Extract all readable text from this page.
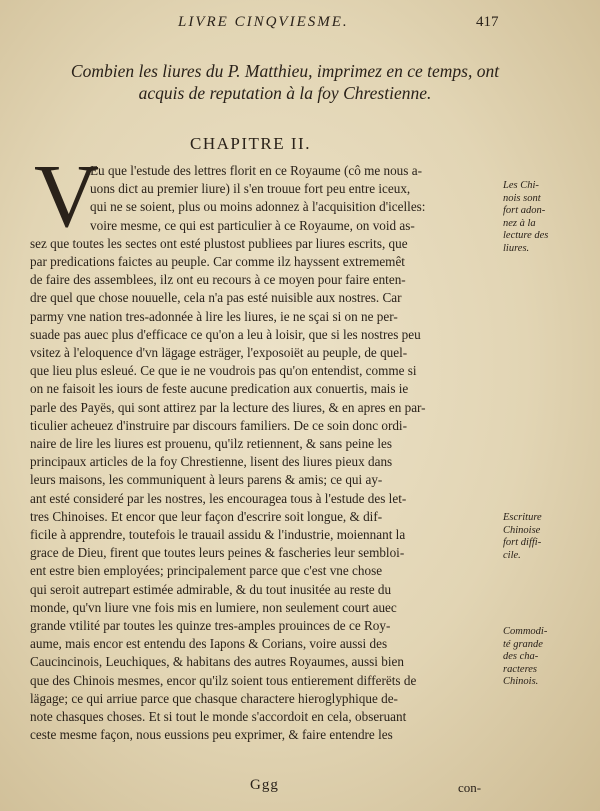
LIVRE CINQVIESME.	417
Combien les liures du P. Matthieu, imprimez en ce temps, ont
acquis de reputation à la foy Chrestienne.
CHAPITRE II.
V
Eu que l'estude des lettres florit en ce Royaume (cô me nous a-
uons dict au premier liure) il s'en trouue fort peu entre iceux,
qui ne se soient, plus ou moins adonnez à l'acquisition d'icelles:
voire mesme, ce qui est particulier à ce Royaume, on void as-
sez que toutes les sectes ont esté plustost publiees par liures escrits, que
par predications faictes au peuple. Car comme ilz hayssent extrememêt
de faire des assemblees, ilz ont eu recours à ce moyen pour faire enten-
dre quel que chose nouuelle, cela n'a pas esté nuisible aux nostres. Car
parmy vne nation tres-adonnée à lire les liures, ie ne sçai si on ne per-
suade pas auec plus d'efficace ce qu'on a leu à loisir, que si les nostres peu
vsitez à l'eloquence d'vn lägage esträger, l'exposoiët au peuple, de quel-
que lieu plus esleué. Ce que ie ne voudrois pas qu'on entendist, comme si
on ne faisoit les iours de feste aucune predication aux conuertis, mais ie
parle des Payës, qui sont attirez par la lecture des liures, & en apres en par-
ticulier acheuez d'instruire par discours familiers. De ce soin donc ordi-
naire de lire les liures est prouenu, qu'ilz retiennent, & sans peine les
principaux articles de la foy Chrestienne, lisent des liures pieux dans
leurs maisons, les communiquent à leurs parens & amis; ce qui ay-
ant esté consideré par les nostres, les encouragea tous à l'estude des let-
tres Chinoises. Et encor que leur façon d'escrire soit longue, & dif-
ficile à apprendre, toutefois le trauail assidu & l'industrie, moiennant la
grace de Dieu, firent que toutes leurs peines & fascheries leur sembloi-
ent estre bien employées; principalement parce que c'est vne chose
qui seroit autrepart estimée admirable, & du tout inusitée au reste du
monde, qu'vn liure vne fois mis en lumiere, non seulement court auec
grande vtilité par toutes les quinze tres-amples prouinces de ce Roy-
aume, mais encor est entendu des Iapons & Corians, voire aussi des
Caucincinois, Leuchiques, & habitans des autres Royaumes, aussi bien
que des Chinois mesmes, encor qu'ilz soient tous entierement differëts de
lägage; ce qui arriue parce que chasque charactere hieroglyphique de-
note chasques choses. Et si tout le monde s'accordoit en cela, obseruant
ceste mesme façon, nous eussions peu exprimer, & faire entendre les
Les Chi-
nois sont
fort adon-
nez à la
lecture des
liures.
Escriture
Chinoise
fort diffi-
cile.
Commodi-
té grande
des cha-
racteres
Chinois.
Ggg	con-
